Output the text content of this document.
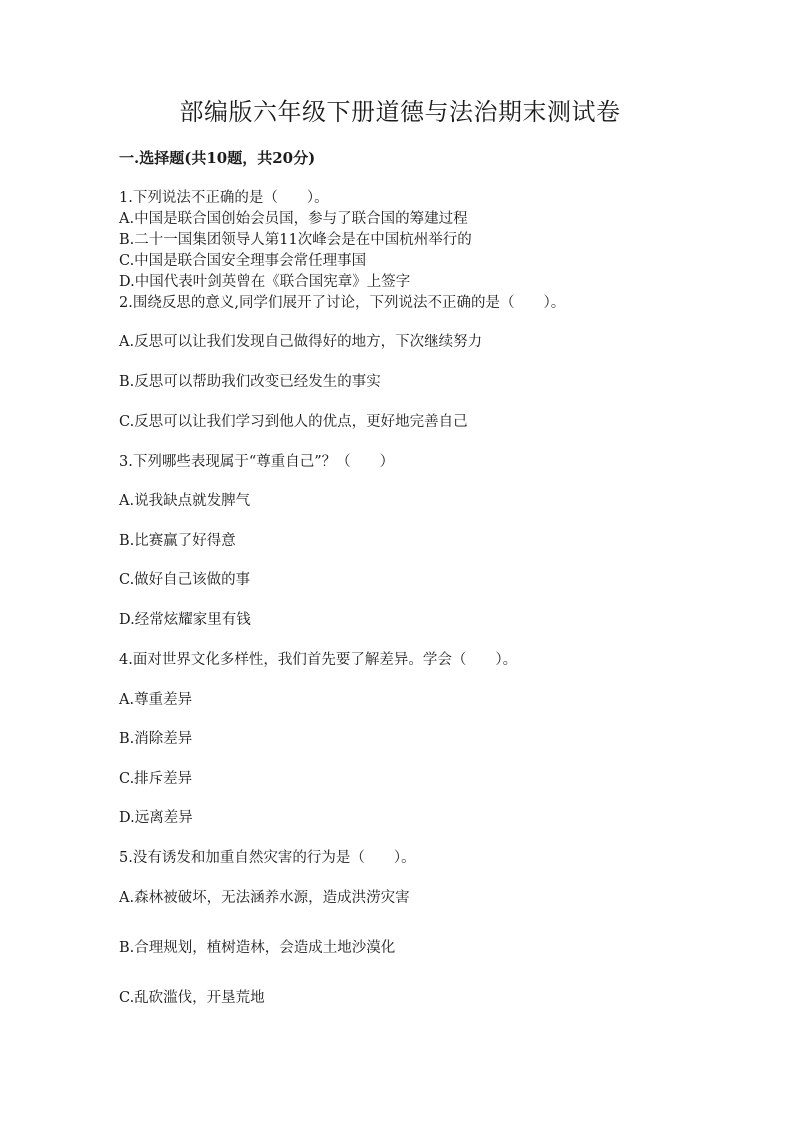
部编版六年级下册道德与法治期末测试卷
一.选择题(共10题，共20分)
1.下列说法不正确的是（　　）。
A.中国是联合国创始会员国，参与了联合国的筹建过程
B.二十一国集团领导人第11次峰会是在中国杭州举行的
C.中国是联合国安全理事会常任理事国
D.中国代表叶剑英曾在《联合国宪章》上签字
2.围绕反思的意义,同学们展开了讨论，下列说法不正确的是（　　）。
A.反思可以让我们发现自己做得好的地方，下次继续努力
B.反思可以帮助我们改变已经发生的事实
C.反思可以让我们学习到他人的优点，更好地完善自己
3.下列哪些表现属于“尊重自己”？（　　）
A.说我缺点就发脾气
B.比赛赢了好得意
C.做好自己该做的事
D.经常炫耀家里有钱
4.面对世界文化多样性，我们首先要了解差异。学会（　　）。
A.尊重差异
B.消除差异
C.排斥差异
D.远离差异
5.没有诱发和加重自然灾害的行为是（　　）。
A.森林被破坏，无法涵养水源，造成洪涝灾害
B.合理规划，植树造林，会造成土地沙漠化
C.乱砍滥伐，开垦荒地
